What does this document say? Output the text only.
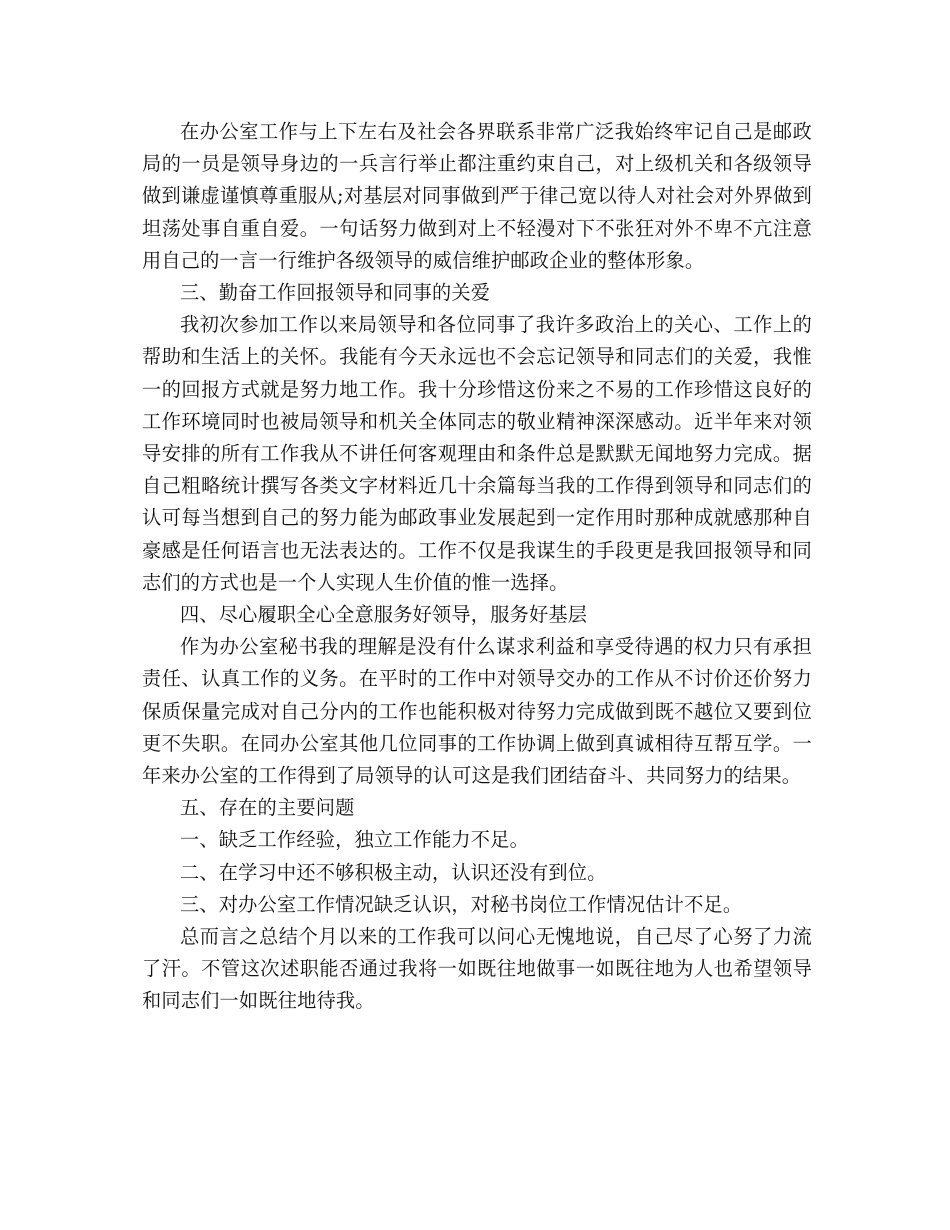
在办公室工作与上下左右及社会各界联系非常广泛我始终牢记自己是邮政局的一员是领导身边的一兵言行举止都注重约束自己，对上级机关和各级领导做到谦虚谨慎尊重服从;对基层对同事做到严于律己宽以待人对社会对外界做到坦荡处事自重自爱。一句话努力做到对上不轻漫对下不张狂对外不卑不亢注意用自己的一言一行维护各级领导的威信维护邮政企业的整体形象。

三、勤奋工作回报领导和同事的关爱

我初次参加工作以来局领导和各位同事了我许多政治上的关心、工作上的帮助和生活上的关怀。我能有今天永远也不会忘记领导和同志们的关爱，我惟一的回报方式就是努力地工作。我十分珍惜这份来之不易的工作珍惜这良好的工作环境同时也被局领导和机关全体同志的敬业精神深深感动。近半年来对领导安排的所有工作我从不讲任何客观理由和条件总是默默无闻地努力完成。据自己粗略统计撰写各类文字材料近几十余篇每当我的工作得到领导和同志们的认可每当想到自己的努力能为邮政事业发展起到一定作用时那种成就感那种自豪感是任何语言也无法表达的。工作不仅是我谋生的手段更是我回报领导和同志们的方式也是一个人实现人生价值的惟一选择。

四、尽心履职全心全意服务好领导，服务好基层

作为办公室秘书我的理解是没有什么谋求利益和享受待遇的权力只有承担责任、认真工作的义务。在平时的工作中对领导交办的工作从不讨价还价努力保质保量完成对自己分内的工作也能积极对待努力完成做到既不越位又要到位更不失职。在同办公室其他几位同事的工作协调上做到真诚相待互帮互学。一年来办公室的工作得到了局领导的认可这是我们团结奋斗、共同努力的结果。

五、存在的主要问题

一、缺乏工作经验，独立工作能力不足。

二、在学习中还不够积极主动，认识还没有到位。

三、对办公室工作情况缺乏认识，对秘书岗位工作情况估计不足。

总而言之总结个月以来的工作我可以问心无愧地说，自己尽了心努了力流了汗。不管这次述职能否通过我将一如既往地做事一如既往地为人也希望领导和同志们一如既往地待我。
